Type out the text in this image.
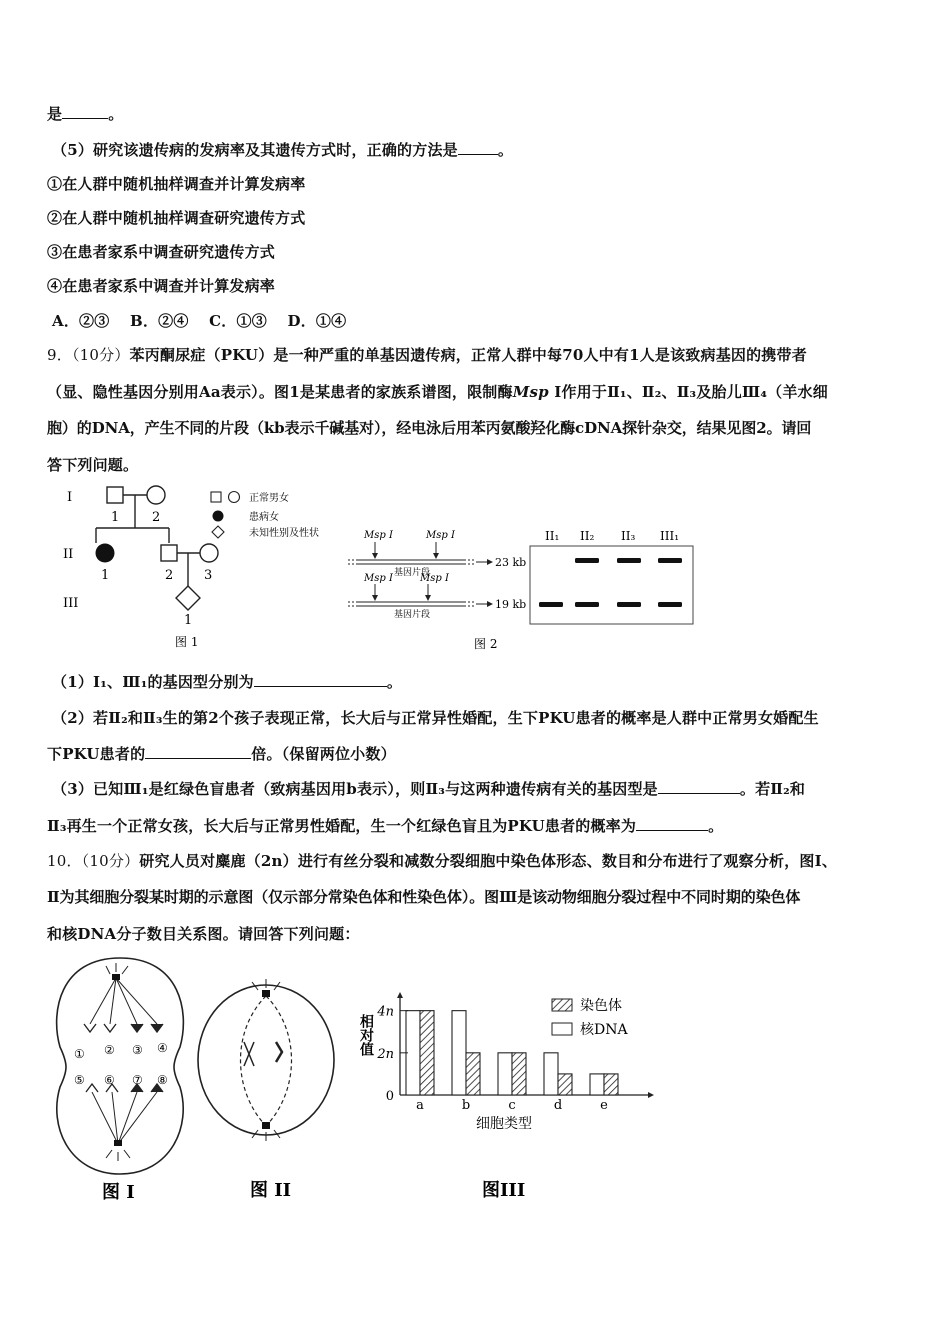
是	。
（5）研究该遗传病的发病率及其遗传方式时，正确的方法是	。
①在人群中随机抽样调查并计算发病率
②在人群中随机抽样调查研究遗传方式
③在患者家系中调查研究遗传方式
④在患者家系中调查并计算发病率
A．②③　 B．②④　 C．①③　 D．①④
9．（10分）苯丙酮尿症（PKU）是一种严重的单基因遗传病，正常人群中每70人中有1人是该致病基因的携带者
（显、隐性基因分别用Aa表示）。图1是某患者的家族系谱图，限制酶Msp I作用于Ⅱ₁、Ⅱ₂、Ⅱ₃及胎儿Ⅲ₄（羊水细
胞）的DNA，产生不同的片段（kb表示千碱基对），经电泳后用苯丙氨酸羟化酶cDNA探针杂交，结果见图2。请回
答下列问题。
I
II
III
1	2
1	2 3
1
正常男女
患病女
未知性别及性状
图 1
Msp I	Msp I
Msp I	Msp I
基因片段
基因片段
23 kb
19 kb
II₁ II₂ II₃ III₁
图 2
（1）I₁、Ⅲ₁的基因型分别为	。
（2）若Ⅱ₂和Ⅱ₃生的第2个孩子表现正常，长大后与正常异性婚配，生下PKU患者的概率是人群中正常男女婚配生
下PKU患者的	倍。（保留两位小数）
（3）已知Ⅲ₁是红绿色盲患者（致病基因用b表示），则Ⅱ₃与这两种遗传病有关的基因型是	。若Ⅱ₂和
Ⅱ₃再生一个正常女孩，长大后与正常男性婚配，生一个红绿色盲且为PKU患者的概率为	。
10．（10分）研究人员对麋鹿（2n）进行有丝分裂和减数分裂细胞中染色体形态、数目和分布进行了观察分析，图Ⅰ、
Ⅱ为其细胞分裂某时期的示意图（仅示部分常染色体和性染色体）。图Ⅲ是该动物细胞分裂过程中不同时期的染色体
和核DNA分子数目关系图。请回答下列问题：
① ② ③ ④
⑤ ⑥ ⑦ ⑧
图 I	图 II
a	b	c	d	e
0
2n
4n
相对值
细胞类型
染色体
核DNA
图III
